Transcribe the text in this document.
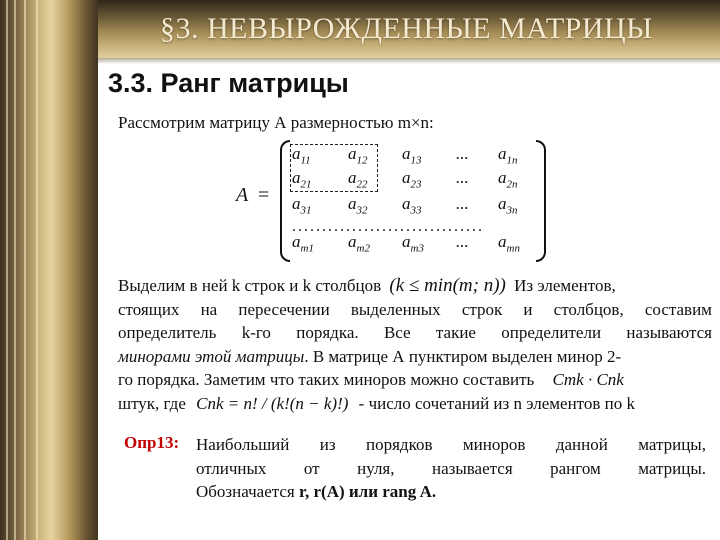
§3. НЕВЫРОЖДЕННЫЕ МАТРИЦЫ
3.3. Ранг матрицы
Рассмотрим матрицу А размерностью m×n:
A =
$a_{11}$ $a_{12}$ $a_{13}$ ... $a_{1n}$
$a_{21}$ $a_{22}$ $a_{23}$ ... $a_{2n}$
$a_{31}$ $a_{32}$ $a_{33}$ ... $a_{3n}$
$a_{m1}$ $a_{m2}$ $a_{m3}$ ... $a_{mn}$
................................
Выделим в ней k строк и k столбцов (k ≤ min(m; n)) Из элементов,
стоящих на пересечении выделенных строк и столбцов, составим
определитель k-го порядка. Все такие определители называются
минорами этой матрицы. В матрице А пунктиром выделен минор 2-
го порядка. Заметим что таких миноров можно составить Cmk · Cnk
штук, где Cnk = n! / (k!(n − k)!) - число сочетаний из n элементов по k
Опр13: Наибольший из порядков миноров данной матрицы,
отличных от нуля, называется рангом матрицы.
Обозначается r, r(A) или rang A.
